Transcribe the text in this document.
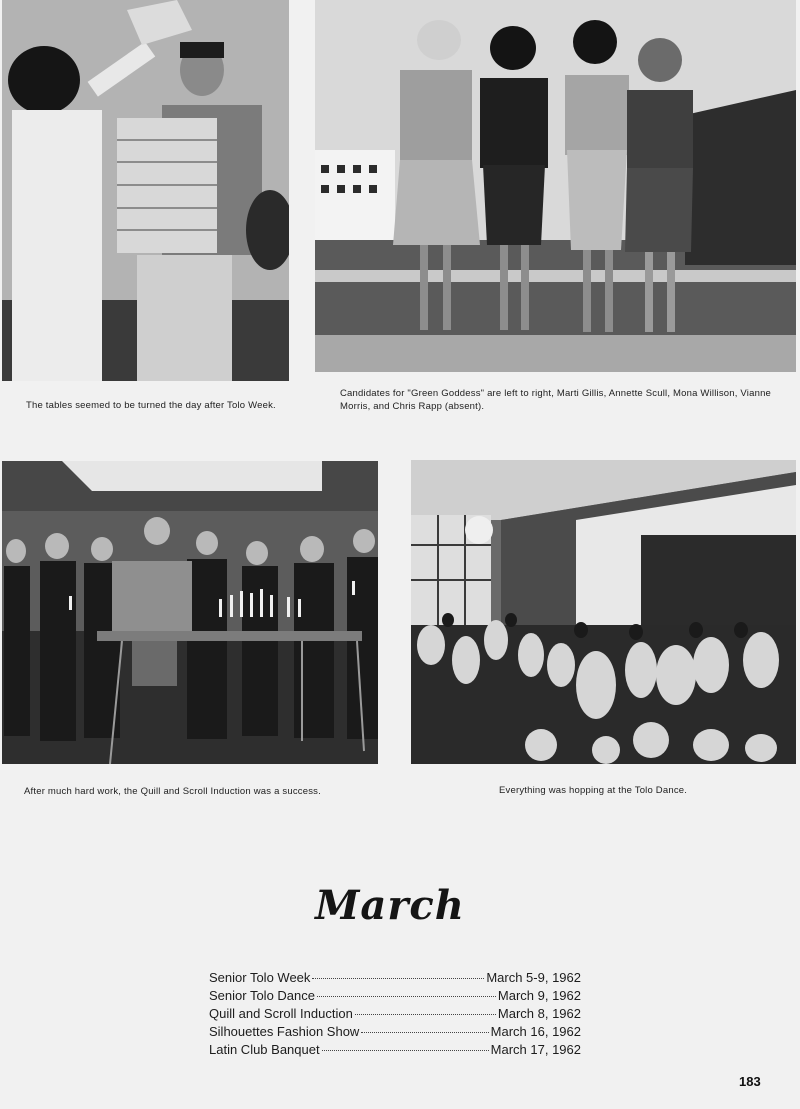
The tables seemed to be turned the day after Tolo Week.
Candidates for "Green Goddess" are left to right, Marti Gillis, Annette Scull, Mona Willison, Vianne Morris, and Chris Rapp (absent).
After much hard work, the Quill and Scroll Induction was a success.	Everything was hopping at the Tolo Dance.
March
Senior Tolo Week	March 5-9, 1962
Senior Tolo Dance	March 9, 1962
Quill and Scroll Induction	March 8, 1962
Silhouettes Fashion Show	March 16, 1962
Latin Club Banquet	March 17, 1962
183
